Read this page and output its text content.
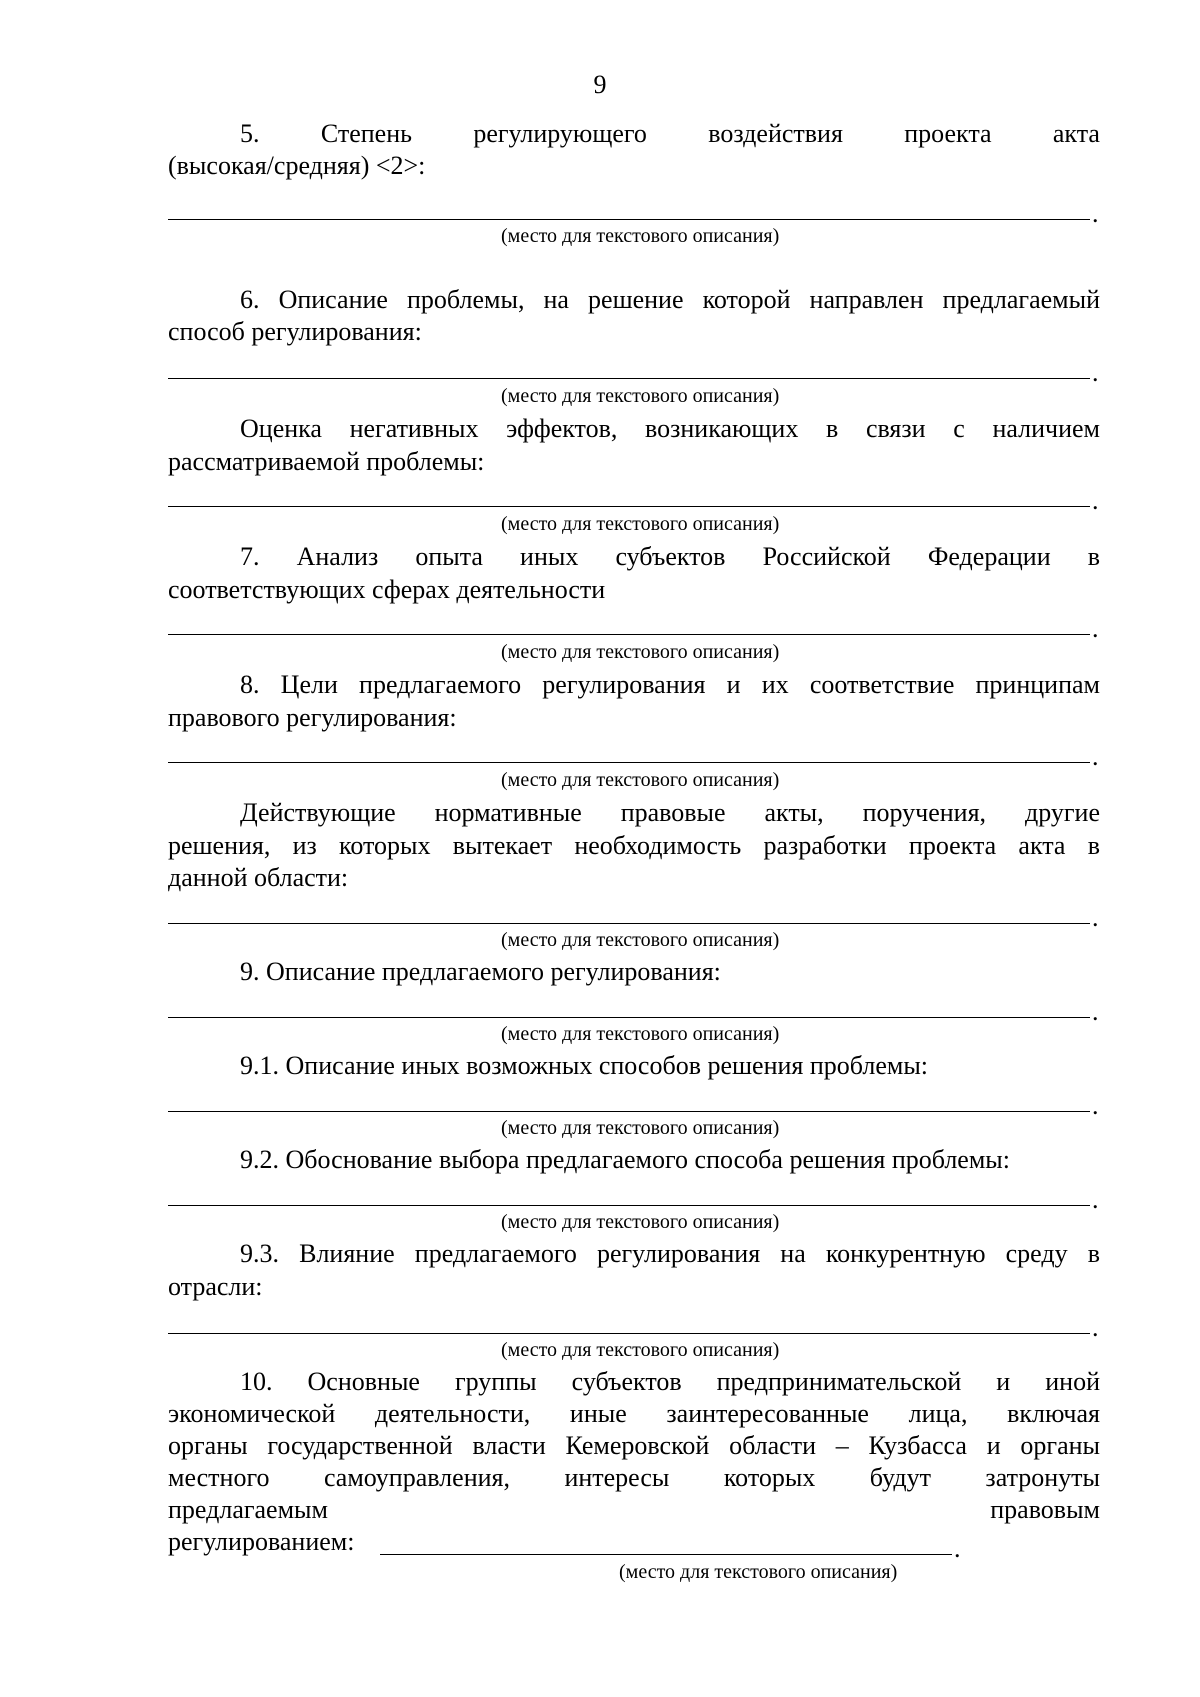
9
5. Степень регулирующего воздействия проекта акта
(высокая/средняя) <2>:
.
(место для текстового описания)
6. Описание проблемы, на решение которой направлен предлагаемый
способ регулирования:
.
(место для текстового описания)
Оценка негативных эффектов, возникающих в связи с наличием
рассматриваемой проблемы:
.
(место для текстового описания)
7. Анализ опыта иных субъектов Российской Федерации в
соответствующих сферах деятельности
.
(место для текстового описания)
8. Цели предлагаемого регулирования и их соответствие принципам
правового регулирования:
.
(место для текстового описания)
Действующие нормативные правовые акты, поручения, другие
решения, из которых вытекает необходимость разработки проекта акта в
данной области:
.
(место для текстового описания)
9. Описание предлагаемого регулирования:
.
(место для текстового описания)
9.1. Описание иных возможных способов решения проблемы:
.
(место для текстового описания)
9.2. Обоснование выбора предлагаемого способа решения проблемы:
.
(место для текстового описания)
9.3. Влияние предлагаемого регулирования на конкурентную среду в
отрасли:
.
(место для текстового описания)
10. Основные группы субъектов предпринимательской и иной
экономической деятельности, иные заинтересованные лица, включая
органы государственной власти Кемеровской области – Кузбасса и органы
местного самоуправления, интересы которых будут затронуты
предлагаемым	правовым
регулированием:	.
(место для текстового описания)
